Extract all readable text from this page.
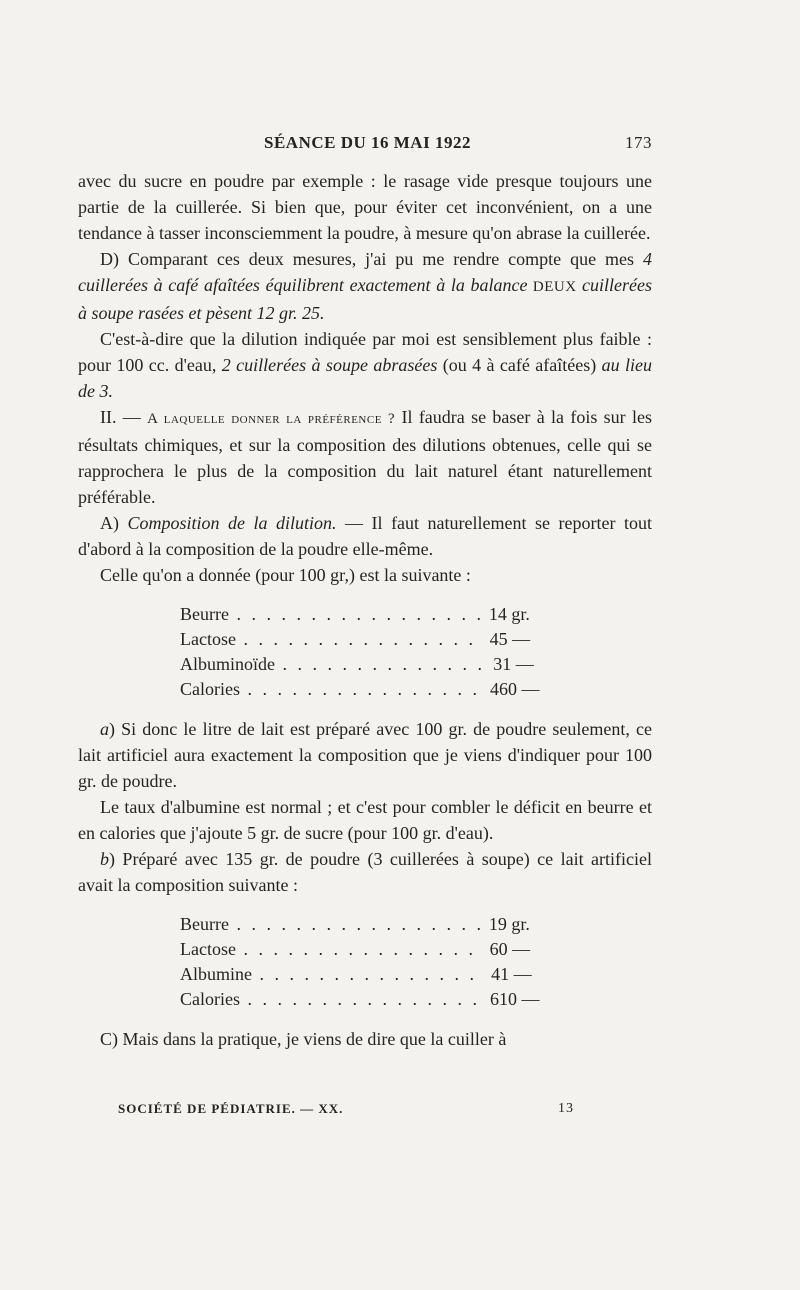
SÉANCE DU 16 MAI 1922	173

avec du sucre en poudre par exemple : le rasage vide presque toujours une partie de la cuillerée. Si bien que, pour éviter cet inconvénient, on a une tendance à tasser inconsciemment la poudre, à mesure qu'on abrase la cuillerée.

D) Comparant ces deux mesures, j'ai pu me rendre compte que mes 4 cuillerées à café afaîtées équilibrent exactement à la balance DEUX cuillerées à soupe rasées et pèsent 12 gr. 25.

C'est-à-dire que la dilution indiquée par moi est sensiblement plus faible : pour 100 cc. d'eau, 2 cuillerées à soupe abrasées (ou 4 à café afaîtées) au lieu de 3.

II. — A laquelle donner la préférence ? Il faudra se baser à la fois sur les résultats chimiques, et sur la composition des dilutions obtenues, celle qui se rapprochera le plus de la composition du lait naturel étant naturellement préférable.

A) Composition de la dilution. — Il faut naturellement se reporter tout d'abord à la composition de la poudre elle-même.

Celle qu'on a donnée (pour 100 gr,) est la suivante :

Beurre . . .	14 gr.
Lactose . . .	45 —
Albuminoïde . . .	31 —
Calories . . .	460 —

a) Si donc le litre de lait est préparé avec 100 gr. de poudre seulement, ce lait artificiel aura exactement la composition que je viens d'indiquer pour 100 gr. de poudre.

Le taux d'albumine est normal ; et c'est pour combler le déficit en beurre et en calories que j'ajoute 5 gr. de sucre (pour 100 gr. d'eau).

b) Préparé avec 135 gr. de poudre (3 cuillerées à soupe) ce lait artificiel avait la composition suivante :

Beurre . . .	19 gr.
Lactose . . .	60 —
Albumine . . .	41 —
Calories . . .	610 —

C) Mais dans la pratique, je viens de dire que la cuiller à

SOCIÉTÉ DE PÉDIATRIE. — XX.	13
